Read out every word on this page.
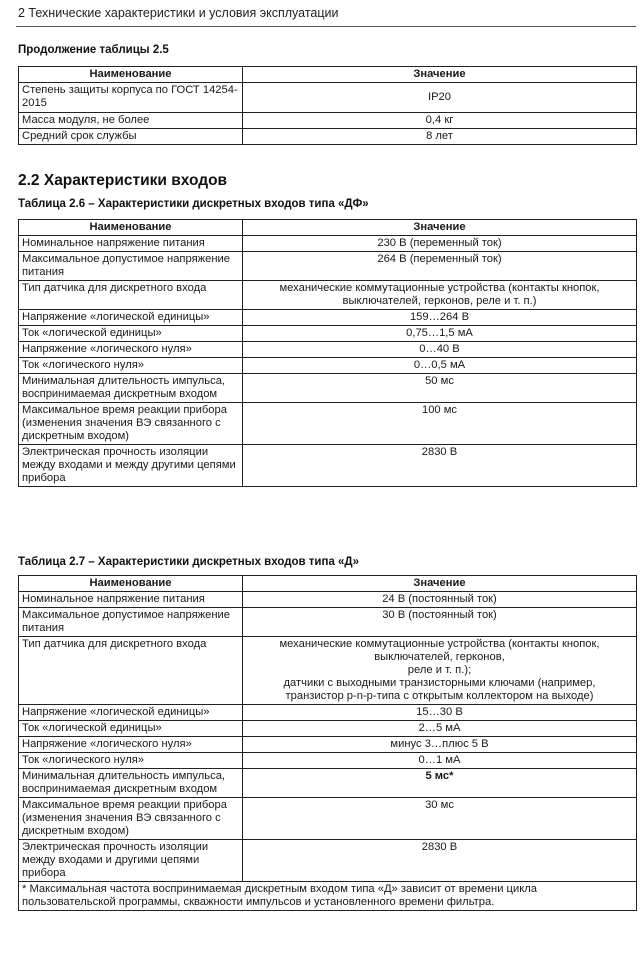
2 Технические характеристики и условия эксплуатации
Продолжение таблицы 2.5
Наименование	Значение
Степень защиты корпуса по ГОСТ 14254-2015	IP20
Масса модуля, не более	0,4 кг
Средний срок службы	8 лет
2.2 Характеристики входов
Таблица 2.6 – Характеристики дискретных входов типа «ДФ»
Наименование	Значение
Номинальное напряжение питания	230 В (переменный ток)
Максимальное допустимое напряжение питания	264 В (переменный ток)
Тип датчика для дискретного входа	механические коммутационные устройства (контакты кнопок, выключателей, герконов, реле и т. п.)
Напряжение «логической единицы»	159…264 В
Ток «логической единицы»	0,75…1,5 мА
Напряжение «логического нуля»	0…40 В
Ток «логического нуля»	0…0,5 мА
Минимальная длительность импульса, воспринимаемая дискретным входом	50 мс
Максимальное время реакции прибора (изменения значения ВЭ связанного с дискретным входом)	100 мс
Электрическая прочность изоляции между входами и между другими цепями прибора	2830 В
Таблица 2.7 – Характеристики дискретных входов типа «Д»
Наименование	Значение
Номинальное напряжение питания	24 В (постоянный ток)
Максимальное допустимое напряжение питания	30 В (постоянный ток)
Тип датчика для дискретного входа	механические коммутационные устройства (контакты кнопок,
выключателей, герконов,
реле и т. п.);
датчики с выходными транзисторными ключами (например,
транзистор p-n-p-типа с открытым коллектором на выходе)

Напряжение «логической единицы»	15…30 В
Ток «логической единицы»	2…5 мА
Напряжение «логического нуля»	минус 3…плюс 5 В
Ток «логического нуля»	0…1 мА
Минимальная длительность импульса, воспринимаемая дискретным входом	5 мс*
Максимальное время реакции прибора (изменения значения ВЭ связанного с дискретным входом)	30 мс
Электрическая прочность изоляции между входами и другими цепями прибора	2830 В
* Максимальная частота воспринимаемая дискретным входом типа «Д» зависит от времени цикла пользовательской программы, скважности импульсов и установленного времени фильтра.	
